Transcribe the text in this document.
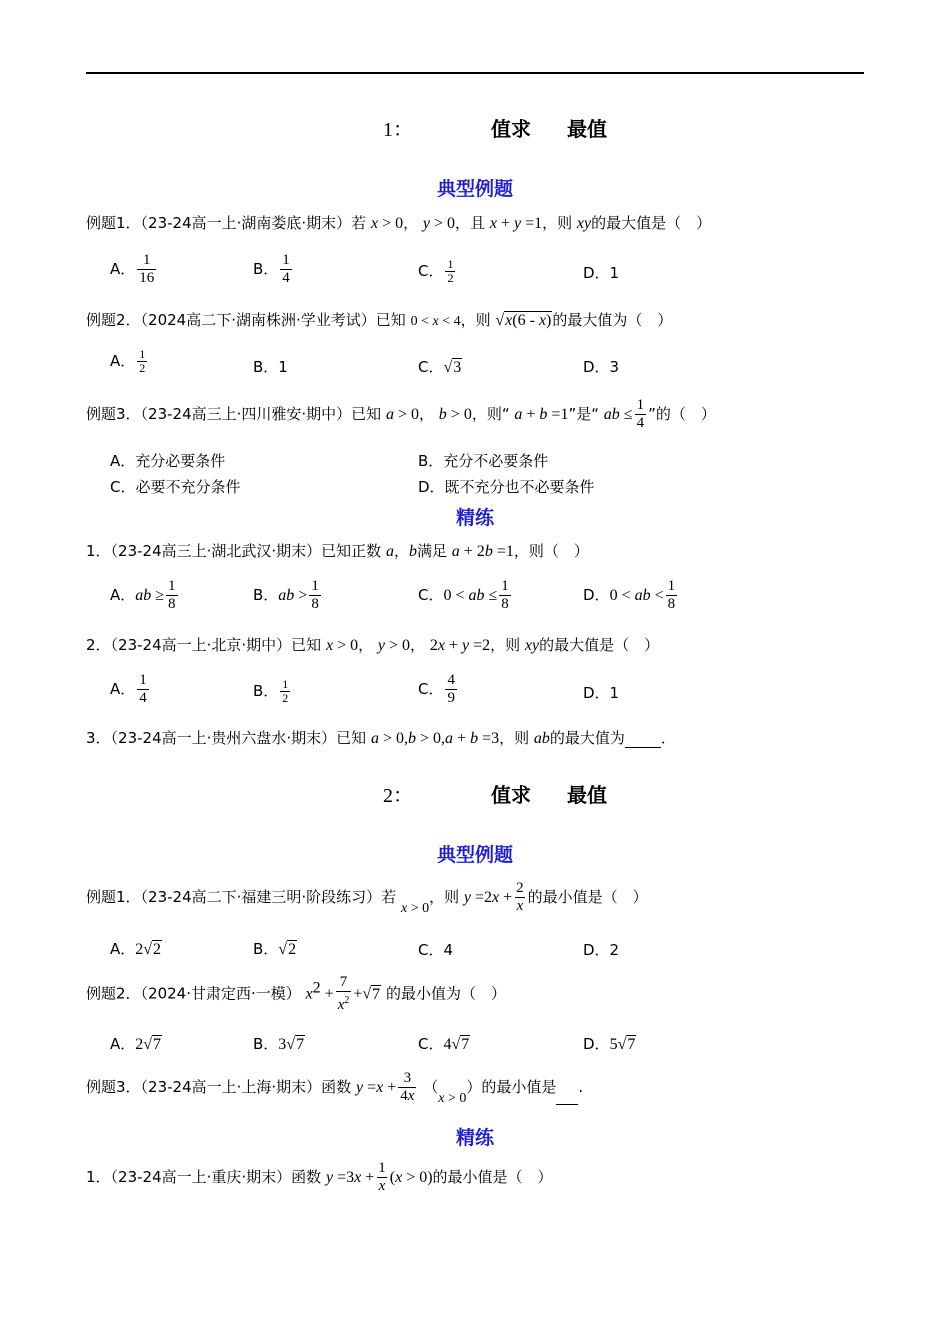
1：	值求 最值
典型例题
例题1．（23-24高一上·湖南娄底·期末）若 x > 0， y > 0，且 x + y =1，则 xy的最大值是（　）
A． $\frac{1}{16}$	B． $\frac{1}{4}$	C． $\frac{1}{2}$	D．1
例题2．（2024高二下·湖南株洲·学业考试）已知 0 < x < 4，则 √x(6 - x)的最大值为（　）
A． $\frac{1}{2}$	B．1	C．√3	D．3
例题3．（23-24高三上·四川雅安·期中）已知 a > 0， b > 0，则“ a + b =1”是“ ab ≤ $\frac{1}{4}$ ”的（　）
A．充分必要条件	B．充分不必要条件
C．必要不充分条件	D．既不充分也不必要条件
精练
1．（23-24高三上·湖北武汉·期末）已知正数 a，b满足 a + 2b =1，则（　）
A．ab ≥ $\frac{1}{8}$	B．ab > $\frac{1}{8}$	C．0 < ab ≤ $\frac{1}{8}$	D．0 < ab < $\frac{1}{8}$
2．（23-24高一上·北京·期中）已知 x > 0， y > 0， 2x + y =2，则 xy的最大值是（　）
A． $\frac{1}{4}$	B． $\frac{1}{2}$	C． $\frac{4}{9}$	D．1
3．（23-24高一上·贵州六盘水·期末）已知 a > 0,b > 0,a + b =3，则 ab的最大值为 ．
2：	值求 最值
典型例题
例题1．（23-24高二下·福建三明·阶段练习）若 x > 0，则 $y =2x + \frac{2}{x}$ 的最小值是（　）
A．2√2	B．√2	C．4	D．2
例题2．（2024·甘肃定西·一模） $x^2 + \frac{7}{x^2} +√7$ 的最小值为（　）
A．2√7	B．3√7	C．4√7	D．5√7
例题3．（23-24高一上·上海·期末）函数 $y =x + \frac{3}{4x} (x > 0)$的最小值是 .
精练
1．（23-24高一上·重庆·期末）函数 $y =3x + \frac{1}{x} (x > 0)$的最小值是（　）
